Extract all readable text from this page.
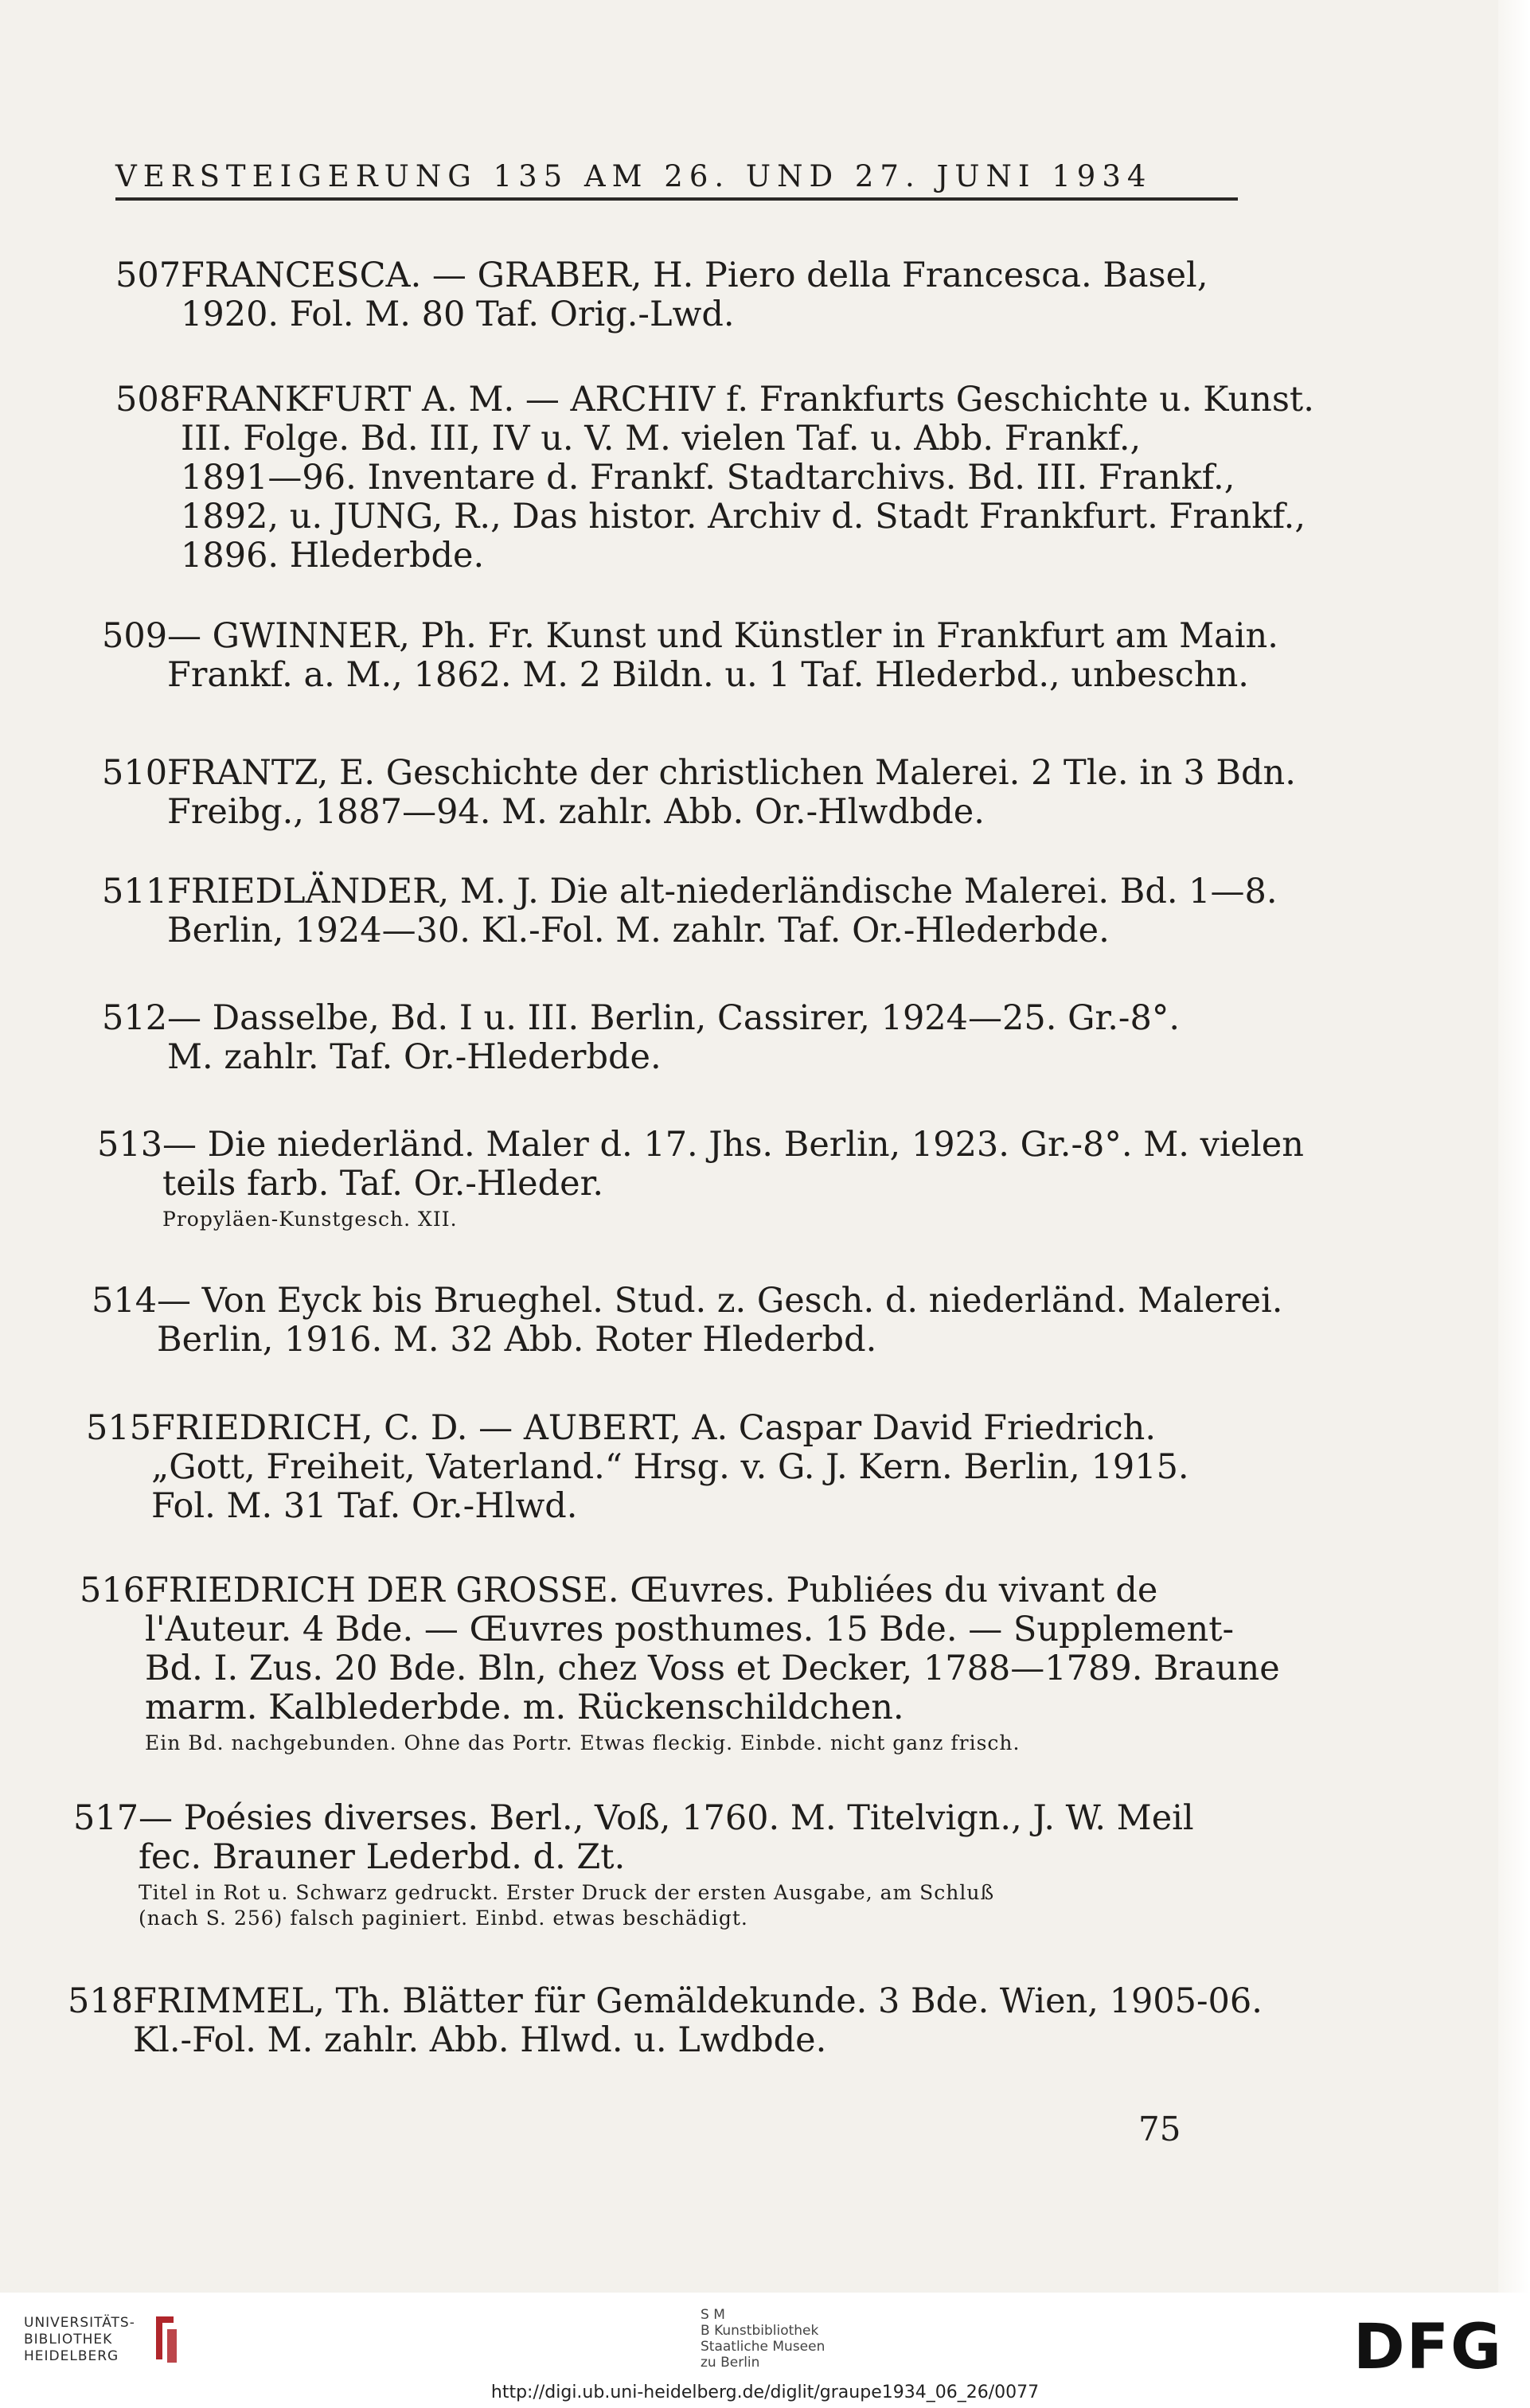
VERSTEIGERUNG 135 AM 26. UND 27. JUNI 1934
507FRANCESCA. — GRABER, H. Piero della Francesca. Basel,
1920. Fol. M. 80 Taf. Orig.-Lwd.
508FRANKFURT A. M. — ARCHIV f. Frankfurts Geschichte u. Kunst.
III. Folge. Bd. III, IV u. V. M. vielen Taf. u. Abb. Frankf.,
1891—96. Inventare d. Frankf. Stadtarchivs. Bd. III. Frankf.,
1892, u. JUNG, R., Das histor. Archiv d. Stadt Frankfurt. Frankf.,
1896. Hlederbde.
509— GWINNER, Ph. Fr. Kunst und Künstler in Frankfurt am Main.
Frankf. a. M., 1862. M. 2 Bildn. u. 1 Taf. Hlederbd., unbeschn.
510FRANTZ, E. Geschichte der christlichen Malerei. 2 Tle. in 3 Bdn.
Freibg., 1887—94. M. zahlr. Abb. Or.-Hlwdbde.
511FRIEDLÄNDER, M. J. Die alt-niederländische Malerei. Bd. 1—8.
Berlin, 1924—30. Kl.-Fol. M. zahlr. Taf. Or.-Hlederbde.
512— Dasselbe, Bd. I u. III. Berlin, Cassirer, 1924—25. Gr.-8°.
M. zahlr. Taf. Or.-Hlederbde.
513— Die niederländ. Maler d. 17. Jhs. Berlin, 1923. Gr.-8°. M. vielen
teils farb. Taf. Or.-Hleder.
Propyläen-Kunstgesch. XII.
514— Von Eyck bis Brueghel. Stud. z. Gesch. d. niederländ. Malerei.
Berlin, 1916. M. 32 Abb. Roter Hlederbd.
515FRIEDRICH, C. D. — AUBERT, A. Caspar David Friedrich.
„Gott, Freiheit, Vaterland.“ Hrsg. v. G. J. Kern. Berlin, 1915.
Fol. M. 31 Taf. Or.-Hlwd.
516FRIEDRICH DER GROSSE. Œuvres. Publiées du vivant de
l'Auteur. 4 Bde. — Œuvres posthumes. 15 Bde. — Supplement-
Bd. I. Zus. 20 Bde. Bln, chez Voss et Decker, 1788—1789. Braune
marm. Kalblederbde. m. Rückenschildchen.
Ein Bd. nachgebunden. Ohne das Portr. Etwas fleckig. Einbde. nicht ganz frisch.
517— Poésies diverses. Berl., Voß, 1760. M. Titelvign., J. W. Meil
fec. Brauner Lederbd. d. Zt.
Titel in Rot u. Schwarz gedruckt. Erster Druck der ersten Ausgabe, am Schluß
(nach S. 256) falsch paginiert. Einbd. etwas beschädigt.
518FRIMMEL, Th. Blätter für Gemäldekunde. 3 Bde. Wien, 1905-06.
Kl.-Fol. M. zahlr. Abb. Hlwd. u. Lwdbde.
75
UNIVERSITÄTS-
BIBLIOTHEK
HEIDELBERG
S M
B Kunstbibliothek
Staatliche Museen
zu Berlin	DFG
http://digi.ub.uni-heidelberg.de/diglit/graupe1934_06_26/0077
